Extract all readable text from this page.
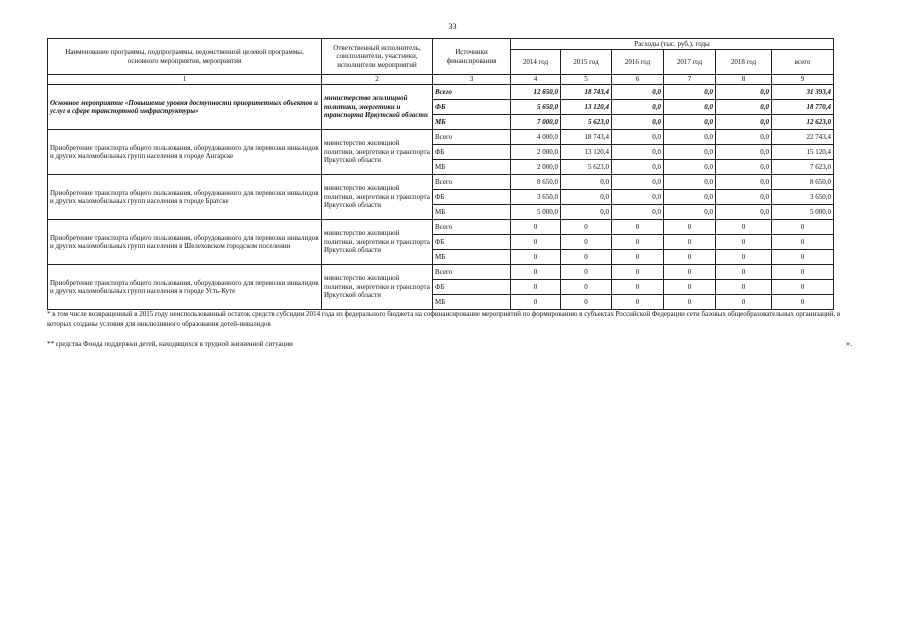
33
Наименование программы, подпрограммы, ведомственной целевой программы, основного мероприятия, мероприятия	Ответственный исполнитель, соисполнители, участники, исполнители мероприятий	Источники финансирования	Расходы (тыс. руб.), годы					
			2014 год	2015 год	2016 год	2017 год	2018 год	всего
1	2	3	4	5	6	7	8	9
Основное мероприятие «Повышение уровня доступности приоритетных объектов и услуг в сфере транспортной инфраструктуры»	министерство жилищной политики, энергетики и транспорта Иркутской области	Всего	12 650,0	18 743,4	0,0	0,0	0,0	31 393,4
		ФБ	5 650,0	13 120,4	0,0	0,0	0,0	18 770,4
		МБ	7 000,0	5 623,0	0,0	0,0	0,0	12 623,0
Приобретение транспорта общего пользования, оборудованного для перевозки инвалидов и других маломобильных групп населения в городе Ангарске	министерство жилищной политики, энергетики и транспорта Иркутской области	Всего	4 000,0	18 743,4	0,0	0,0	0,0	22 743,4
		ФБ	2 000,0	13 120,4	0,0	0,0	0,0	15 120,4
		МБ	2 000,0	5 623,0	0,0	0,0	0,0	7 623,0
Приобретение транспорта общего пользования, оборудованного для перевозки инвалидов и других маломобильных групп населения в городе Братске	министерство жилищной политики, энергетики и транспорта Иркутской области	Всего	8 650,0	0,0	0,0	0,0	0,0	8 650,0
		ФБ	3 650,0	0,0	0,0	0,0	0,0	3 650,0
		МБ	5 000,0	0,0	0,0	0,0	0,0	5 000,0
Приобретение транспорта общего пользования, оборудованного для перевозки инвалидов и других маломобильных групп населения в Шелеховском городском поселении	министерство жилищной политики, энергетики и транспорта Иркутской области	Всего	0	0	0	0	0	0
		ФБ	0	0	0	0	0	0
		МБ	0	0	0	0	0	0
Приобретение транспорта общего пользования, оборудованного для перевозки инвалидов и других маломобильных групп населения в городе Усть-Куте	министерство жилищной политики, энергетики и транспорта Иркутской области	Всего	0	0	0	0	0	0
		ФБ	0	0	0	0	0	0
		МБ	0	0	0	0	0	0
* в том числе возвращенный в 2015 году неиспользованный остаток средств субсидии 2014 года из федерального бюджета на софинансирование мероприятий по формированию в субъектах Российской Федерации сети базовых общеобразовательных организаций, в которых созданы условия для инклюзивного образования детей-инвалидов
** средства Фонда поддержки детей, находящихся в трудной жизненной ситуации	».
